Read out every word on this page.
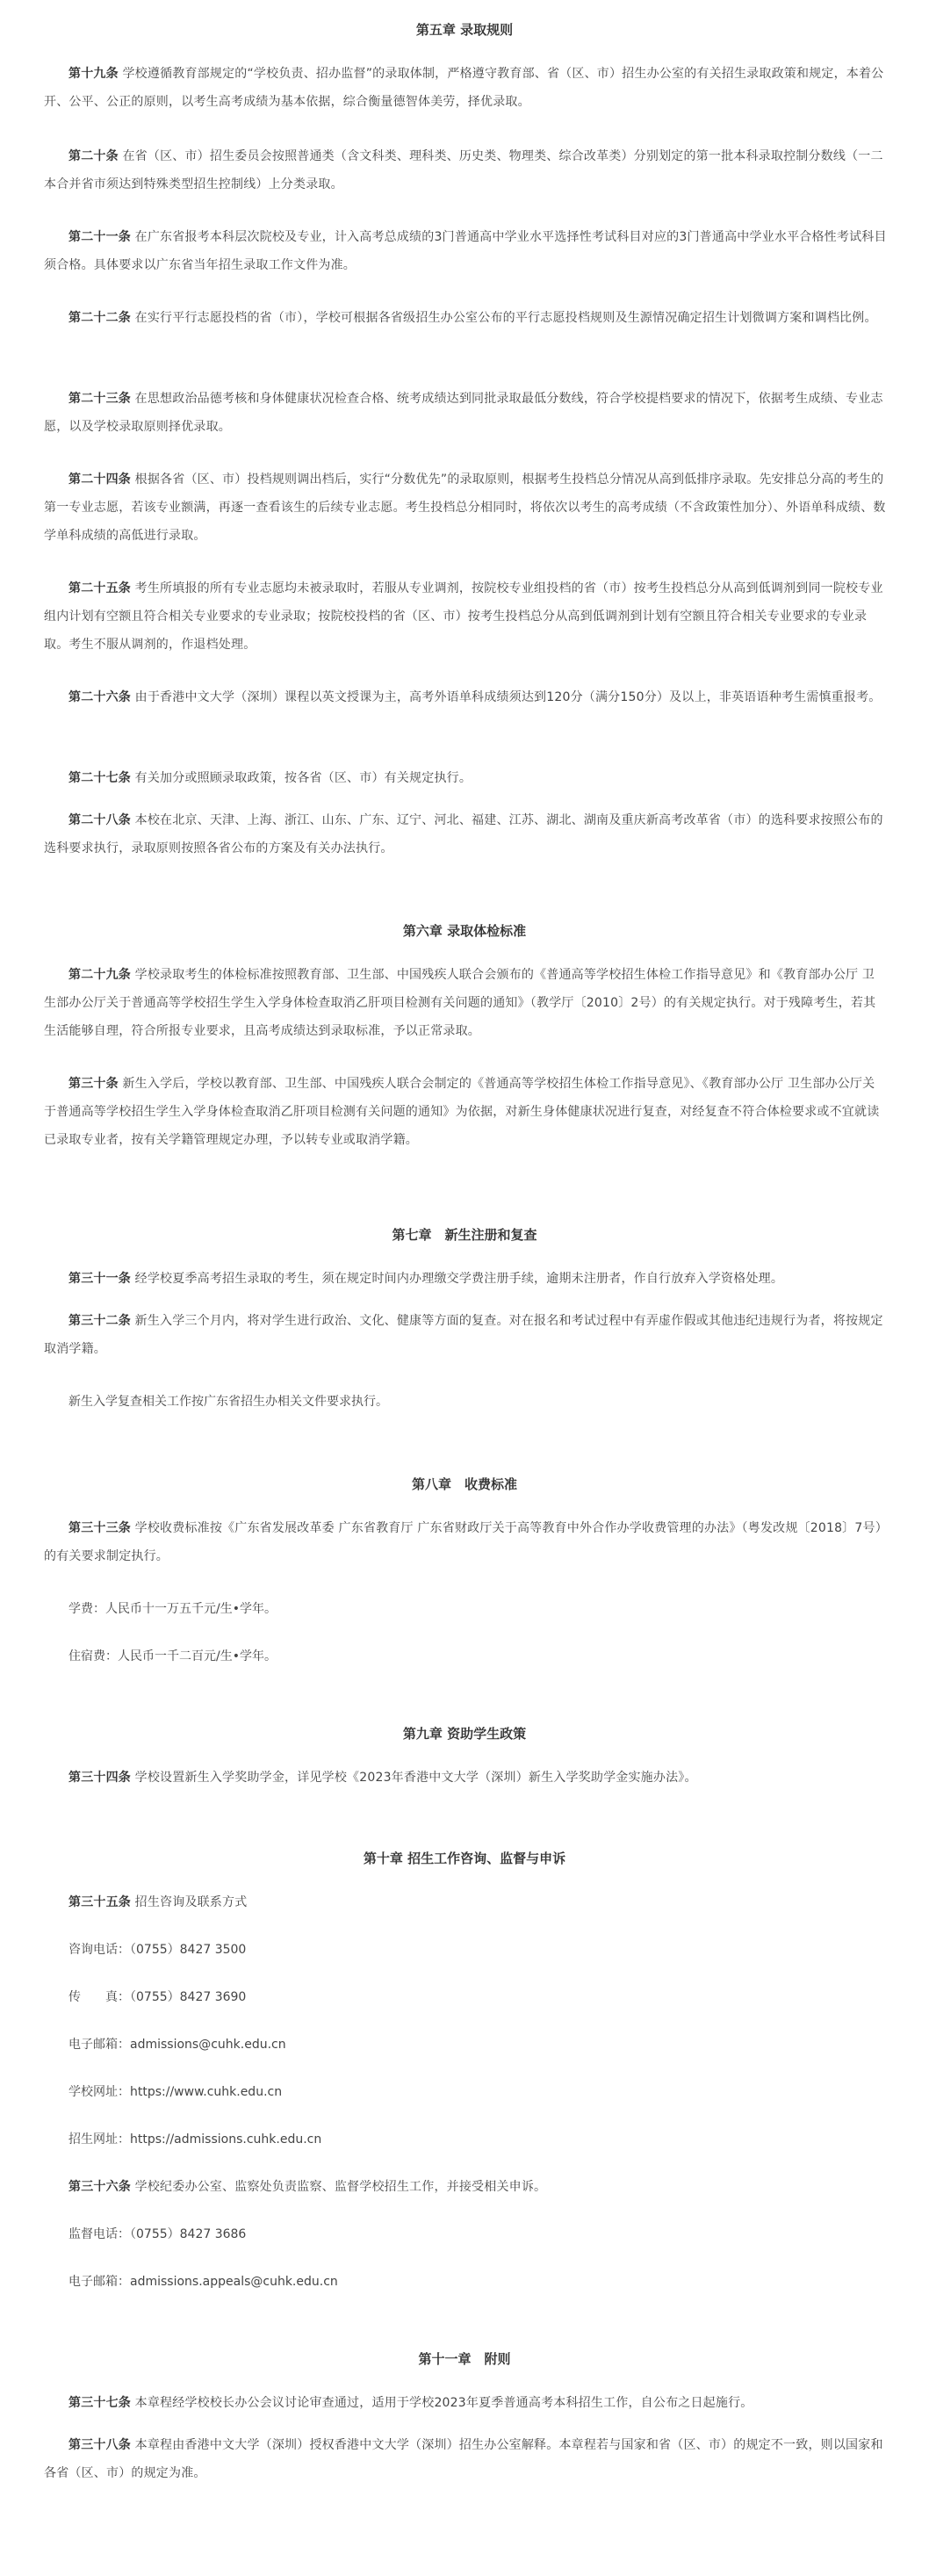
第五章 录取规则

第十九条 学校遵循教育部规定的“学校负责、招办监督”的录取体制，严格遵守教育部、省（区、市）招生办公室的有关招生录取政策和规定，本着公开、公平、公正的原则，以考生高考成绩为基本依据，综合衡量德智体美劳，择优录取。

第二十条 在省（区、市）招生委员会按照普通类（含文科类、理科类、历史类、物理类、综合改革类）分别划定的第一批本科录取控制分数线（一二本合并省市须达到特殊类型招生控制线）上分类录取。

第二十一条 在广东省报考本科层次院校及专业，计入高考总成绩的3门普通高中学业水平选择性考试科目对应的3门普通高中学业水平合格性考试科目须合格。具体要求以广东省当年招生录取工作文件为准。

第二十二条 在实行平行志愿投档的省（市），学校可根据各省级招生办公室公布的平行志愿投档规则及生源情况确定招生计划微调方案和调档比例。

第二十三条 在思想政治品德考核和身体健康状况检查合格、统考成绩达到同批录取最低分数线，符合学校提档要求的情况下，依据考生成绩、专业志愿，以及学校录取原则择优录取。

第二十四条 根据各省（区、市）投档规则调出档后，实行“分数优先”的录取原则，根据考生投档总分情况从高到低排序录取。先安排总分高的考生的第一专业志愿，若该专业额满，再逐一查看该生的后续专业志愿。考生投档总分相同时，将依次以考生的高考成绩（不含政策性加分）、外语单科成绩、数学单科成绩的高低进行录取。

第二十五条 考生所填报的所有专业志愿均未被录取时，若服从专业调剂，按院校专业组投档的省（市）按考生投档总分从高到低调剂到同一院校专业组内计划有空额且符合相关专业要求的专业录取；按院校投档的省（区、市）按考生投档总分从高到低调剂到计划有空额且符合相关专业要求的专业录取。考生不服从调剂的，作退档处理。

第二十六条 由于香港中文大学（深圳）课程以英文授课为主，高考外语单科成绩须达到120分（满分150分）及以上，非英语语种考生需慎重报考。

第二十七条 有关加分或照顾录取政策，按各省（区、市）有关规定执行。

第二十八条 本校在北京、天津、上海、浙江、山东、广东、辽宁、河北、福建、江苏、湖北、湖南及重庆新高考改革省（市）的选科要求按照公布的选科要求执行，录取原则按照各省公布的方案及有关办法执行。

第六章 录取体检标准

第二十九条 学校录取考生的体检标准按照教育部、卫生部、中国残疾人联合会颁布的《普通高等学校招生体检工作指导意见》和《教育部办公厅 卫生部办公厅关于普通高等学校招生学生入学身体检查取消乙肝项目检测有关问题的通知》（教学厅〔2010〕2号）的有关规定执行。对于残障考生，若其生活能够自理，符合所报专业要求，且高考成绩达到录取标准，予以正常录取。

第三十条 新生入学后，学校以教育部、卫生部、中国残疾人联合会制定的《普通高等学校招生体检工作指导意见》、《教育部办公厅 卫生部办公厅关于普通高等学校招生学生入学身体检查取消乙肝项目检测有关问题的通知》为依据，对新生身体健康状况进行复查，对经复查不符合体检要求或不宜就读已录取专业者，按有关学籍管理规定办理，予以转专业或取消学籍。

第七章　新生注册和复查

第三十一条 经学校夏季高考招生录取的考生，须在规定时间内办理缴交学费注册手续，逾期未注册者，作自行放弃入学资格处理。

第三十二条 新生入学三个月内，将对学生进行政治、文化、健康等方面的复查。对在报名和考试过程中有弄虚作假或其他违纪违规行为者，将按规定取消学籍。

新生入学复查相关工作按广东省招生办相关文件要求执行。

第八章　收费标准

第三十三条 学校收费标准按《广东省发展改革委 广东省教育厅 广东省财政厅关于高等教育中外合作办学收费管理的办法》（粤发改规〔2018〕7号）的有关要求制定执行。

学费：人民币十一万五千元/生•学年。

住宿费：人民币一千二百元/生•学年。

第九章 资助学生政策

第三十四条 学校设置新生入学奖助学金，详见学校《2023年香港中文大学（深圳）新生入学奖助学金实施办法》。

第十章 招生工作咨询、监督与申诉

第三十五条 招生咨询及联系方式

咨询电话：（0755）8427 3500

传　　真：（0755）8427 3690

电子邮箱：admissions@cuhk.edu.cn

学校网址：https://www.cuhk.edu.cn

招生网址：https://admissions.cuhk.edu.cn

第三十六条 学校纪委办公室、监察处负责监察、监督学校招生工作，并接受相关申诉。

监督电话：（0755）8427 3686

电子邮箱：admissions.appeals@cuhk.edu.cn

第十一章　附则

第三十七条 本章程经学校校长办公会议讨论审查通过，适用于学校2023年夏季普通高考本科招生工作，自公布之日起施行。

第三十八条 本章程由香港中文大学（深圳）授权香港中文大学（深圳）招生办公室解释。本章程若与国家和省（区、市）的规定不一致，则以国家和各省（区、市）的规定为准。
